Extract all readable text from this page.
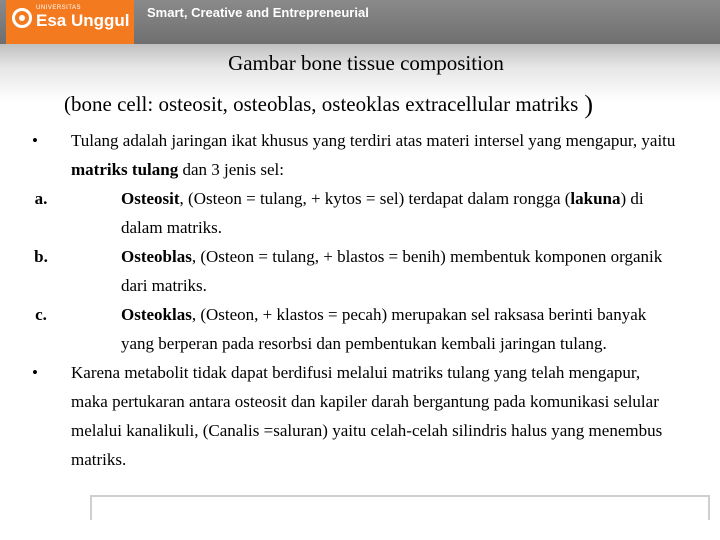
UNIVERSITAS
Esa Unggul Smart, Creative and Entrepreneurial
Gambar bone tissue composition
(bone cell: osteosit, osteoblas, osteoklas extracellular matriks )
• Tulang adalah jaringan ikat khusus yang terdiri atas materi intersel yang mengapur, yaitu matriks tulang dan 3 jenis sel:
a.	Osteosit, (Osteon = tulang, + kytos = sel) terdapat dalam rongga (lakuna) di dalam matriks.
b.	Osteoblas, (Osteon = tulang, + blastos = benih) membentuk komponen organik dari matriks.
c.	Osteoklas, (Osteon, + klastos = pecah) merupakan sel raksasa berinti banyak yang berperan pada resorbsi dan pembentukan kembali jaringan tulang.
• Karena metabolit tidak dapat berdifusi melalui matriks tulang yang telah mengapur, maka pertukaran antara osteosit dan kapiler darah bergantung pada komunikasi selular melalui kanalikuli, (Canalis =saluran) yaitu celah-celah silindris halus yang menembus matriks.
